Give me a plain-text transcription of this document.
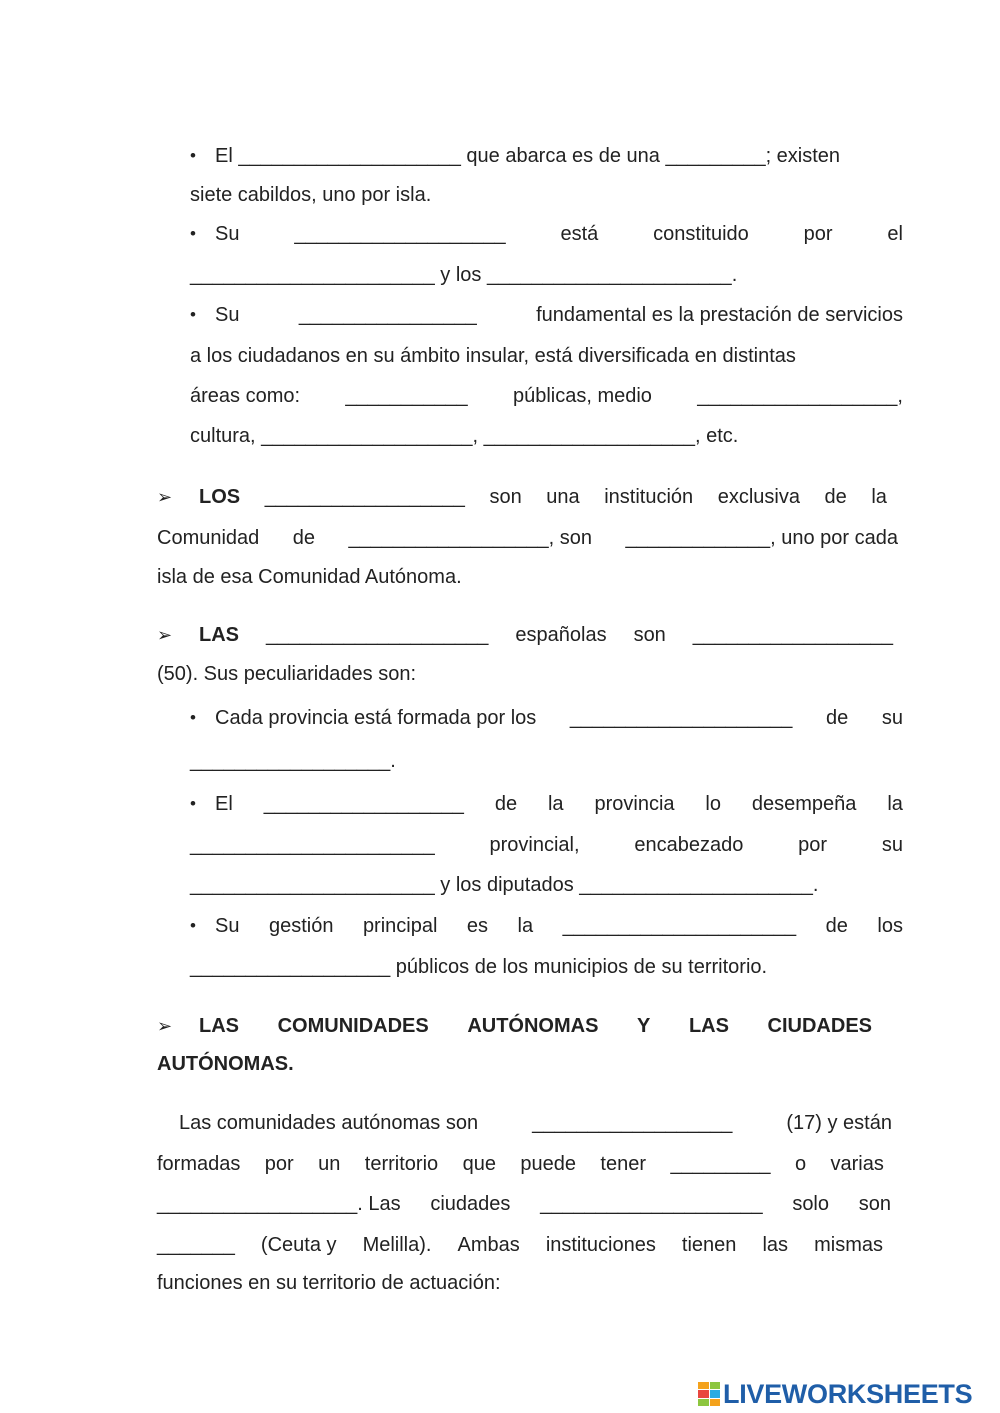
• El ____________________ que abarca es de una _________; existen
siete cabildos, uno por isla.
• Su	___________________	está	constituido	por	el
______________________ y los ______________________.
• Su	________________	fundamental es la prestación de servicios
a los ciudadanos en su ámbito insular, está diversificada en distintas
áreas como: ___________ públicas, medio __________________,
cultura, ___________________, ___________________, etc.
➢ LOS __________________ son una institución exclusiva de la
Comunidad de __________________, son _____________, uno por cada
isla de esa Comunidad Autónoma.
➢ LAS ____________________ españolas son __________________
(50). Sus peculiaridades son:
• Cada provincia está formada por los ____________________ de su
__________________.
• El __________________ de la provincia lo desempeña la
______________________	provincial,	encabezado	por	su
______________________ y los diputados _____________________.
• Su gestión principal es la _____________________ de los
__________________ públicos de los municipios de su territorio.
➢ LAS COMUNIDADES AUTÓNOMAS Y LAS CIUDADES
AUTÓNOMAS.
Las comunidades autónomas son	__________________	(17) y están
formadas por un territorio que puede tener _________ o varias
__________________. Las ciudades ____________________ solo son
_______ (Ceuta y Melilla). Ambas instituciones tienen las mismas
funciones en su territorio de actuación:
LIVEWORKSHEETS
